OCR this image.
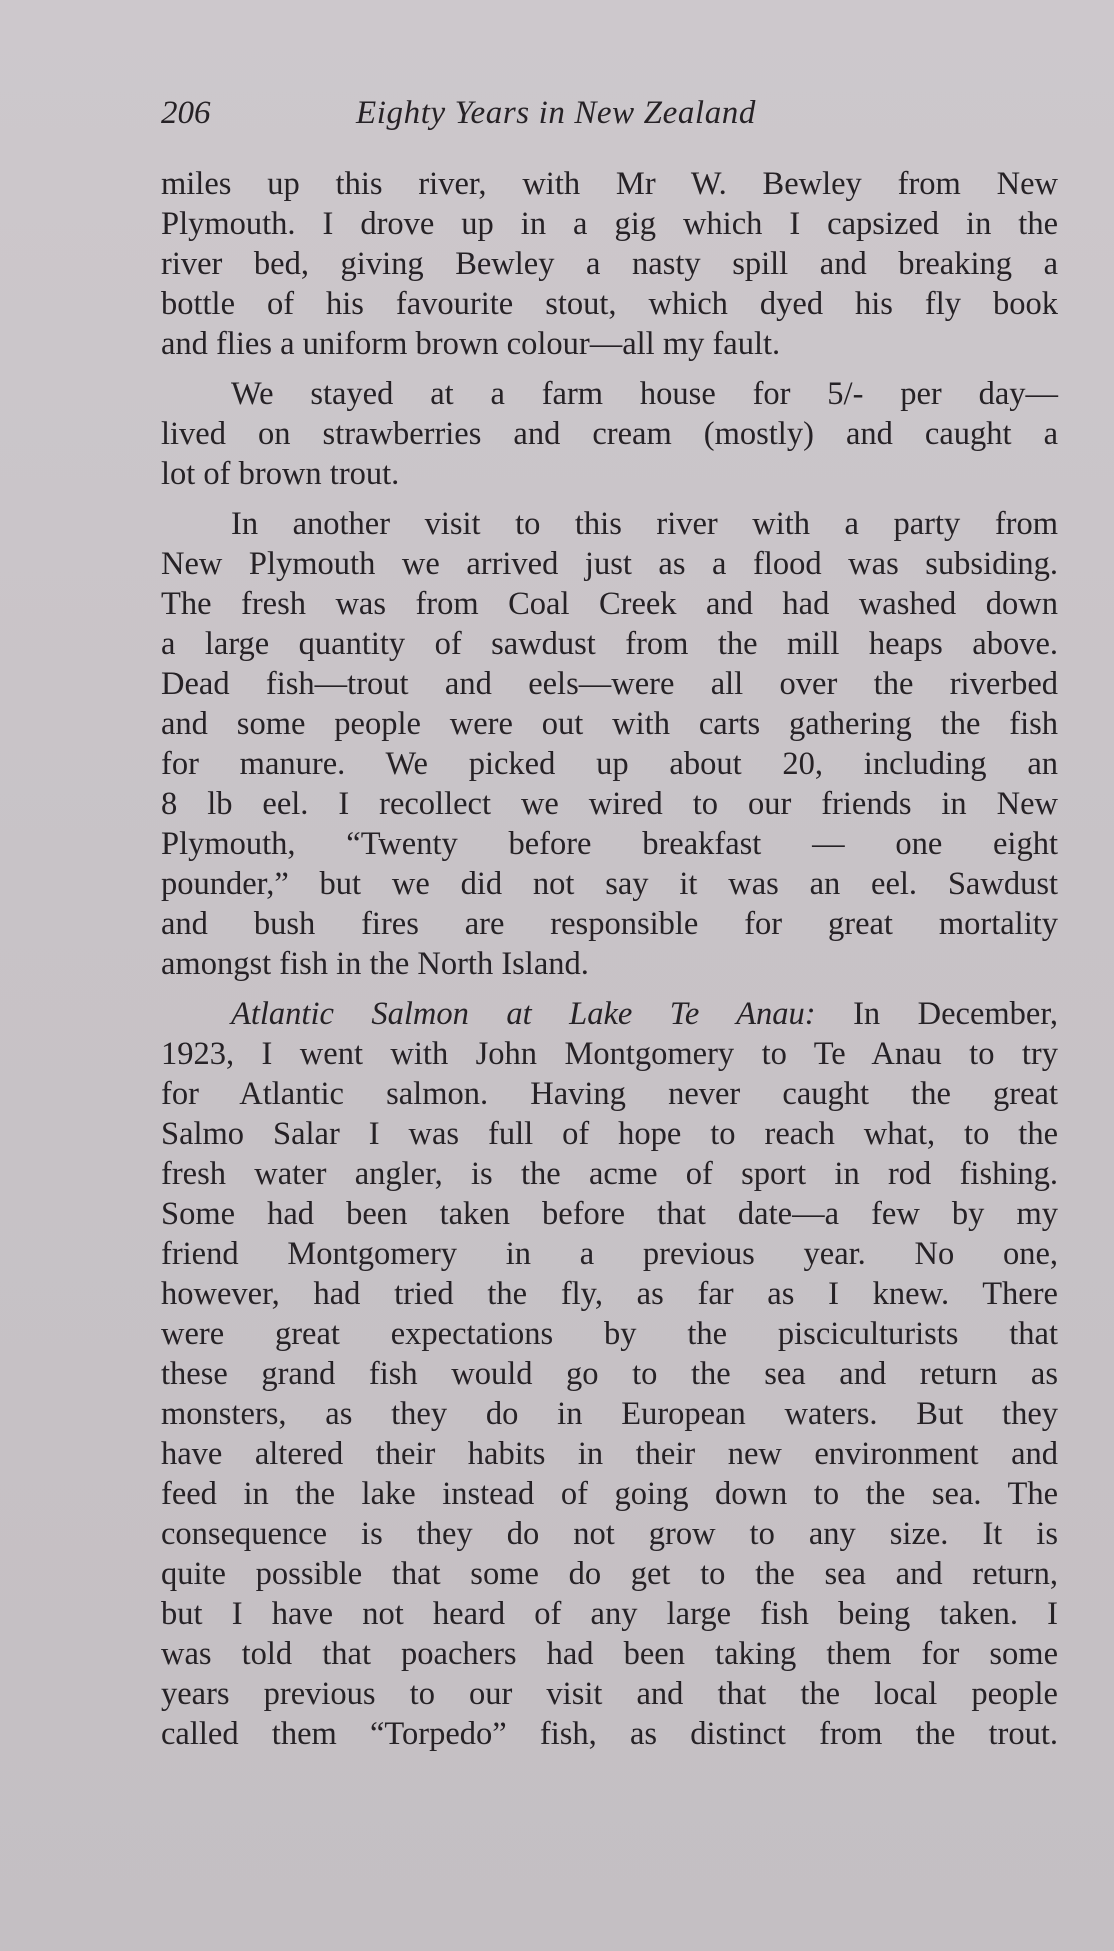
206	Eighty Years in New Zealand
miles up this river, with Mr W. Bewley from New
Plymouth. I drove up in a gig which I capsized in the
river bed, giving Bewley a nasty spill and breaking a
bottle of his favourite stout, which dyed his fly book
and flies a uniform brown colour—all my fault.
We stayed at a farm house for 5/- per day—
lived on strawberries and cream (mostly) and caught a
lot of brown trout.
In another visit to this river with a party from
New Plymouth we arrived just as a flood was subsiding.
The fresh was from Coal Creek and had washed down
a large quantity of sawdust from the mill heaps above.
Dead fish—trout and eels—were all over the riverbed
and some people were out with carts gathering the fish
for manure. We picked up about 20, including an
8 lb eel. I recollect we wired to our friends in New
Plymouth, “Twenty before breakfast — one eight
pounder,” but we did not say it was an eel. Sawdust
and bush fires are responsible for great mortality
amongst fish in the North Island.
Atlantic Salmon at Lake Te Anau: In December,
1923, I went with John Montgomery to Te Anau to try
for Atlantic salmon. Having never caught the great
Salmo Salar I was full of hope to reach what, to the
fresh water angler, is the acme of sport in rod fishing.
Some had been taken before that date—a few by my
friend Montgomery in a previous year. No one,
however, had tried the fly, as far as I knew. There
were great expectations by the pisciculturists that
these grand fish would go to the sea and return as
monsters, as they do in European waters. But they
have altered their habits in their new environment and
feed in the lake instead of going down to the sea. The
consequence is they do not grow to any size. It is
quite possible that some do get to the sea and return,
but I have not heard of any large fish being taken. I
was told that poachers had been taking them for some
years previous to our visit and that the local people
called them “Torpedo” fish, as distinct from the trout.
